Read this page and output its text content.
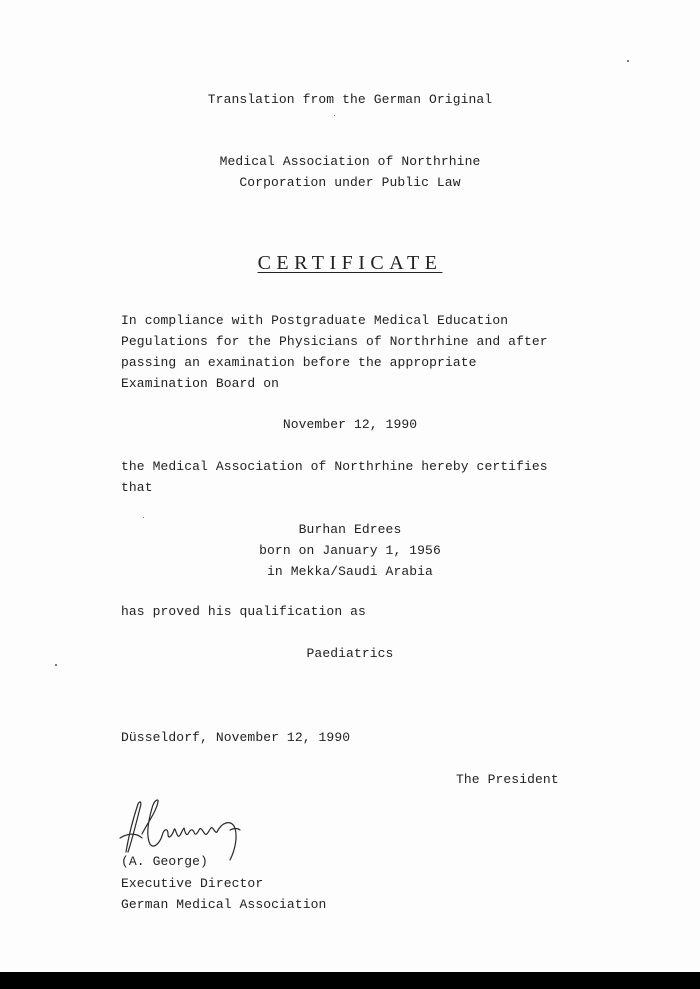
Translation from the German Original
Medical Association of Northrhine
Corporation under Public Law
CERTIFICATE
In compliance with Postgraduate Medical Education
Pegulations for the Physicians of Northrhine and after
passing an examination before the appropriate
Examination Board on
November 12, 1990
the Medical Association of Northrhine hereby certifies
that
Burhan Edrees
born on January 1, 1956
in Mekka/Saudi Arabia
has proved his qualification as
Paediatrics
Düsseldorf, November 12, 1990
The President
(A. George)
Executive Director
German Medical Association
